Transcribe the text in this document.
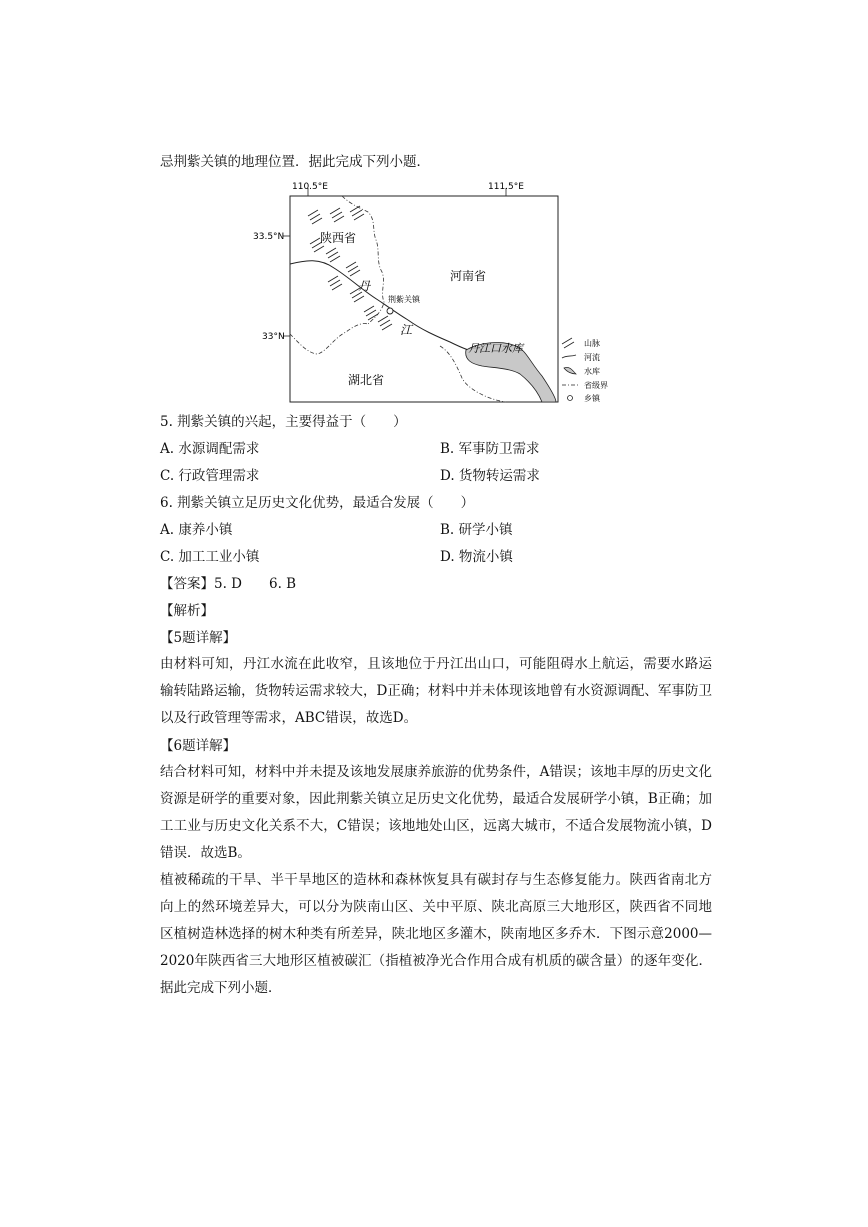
忌荆紫关镇的地理位置．据此完成下列小题．
110.5°E	111.5°E
33.5°N
33°N
荆紫关镇
陕西省
河南省
湖北省
丹
江
丹江口水库	山脉
河流
水库
省级界
乡镇
5. 荆紫关镇的兴起，主要得益于（　　）
A. 水源调配需求	B. 军事防卫需求
C. 行政管理需求	D. 货物转运需求
6. 荆紫关镇立足历史文化优势，最适合发展（　　）
A. 康养小镇	B. 研学小镇
C. 加工工业小镇	D. 物流小镇
【答案】5. D　　6. B
【解析】
【5题详解】
由材料可知，丹江水流在此收窄，且该地位于丹江出山口，可能阻碍水上航运，需要水路运输转陆路运输，货物转运需求较大，D正确；材料中并未体现该地曾有水资源调配、军事防卫以及行政管理等需求，ABC错误，故选D。
【6题详解】
结合材料可知，材料中并未提及该地发展康养旅游的优势条件，A错误；该地丰厚的历史文化资源是研学的重要对象，因此荆紫关镇立足历史文化优势，最适合发展研学小镇，B正确；加工工业与历史文化关系不大，C错误；该地地处山区，远离大城市，不适合发展物流小镇，D错误．故选B。
植被稀疏的干旱、半干旱地区的造林和森林恢复具有碳封存与生态修复能力。陕西省南北方向上的然环境差异大，可以分为陕南山区、关中平原、陕北高原三大地形区，陕西省不同地区植树造林选择的树木种类有所差异，陕北地区多灌木，陕南地区多乔木．下图示意2000—2020年陕西省三大地形区植被碳汇（指植被净光合作用合成有机质的碳含量）的逐年变化．据此完成下列小题．
